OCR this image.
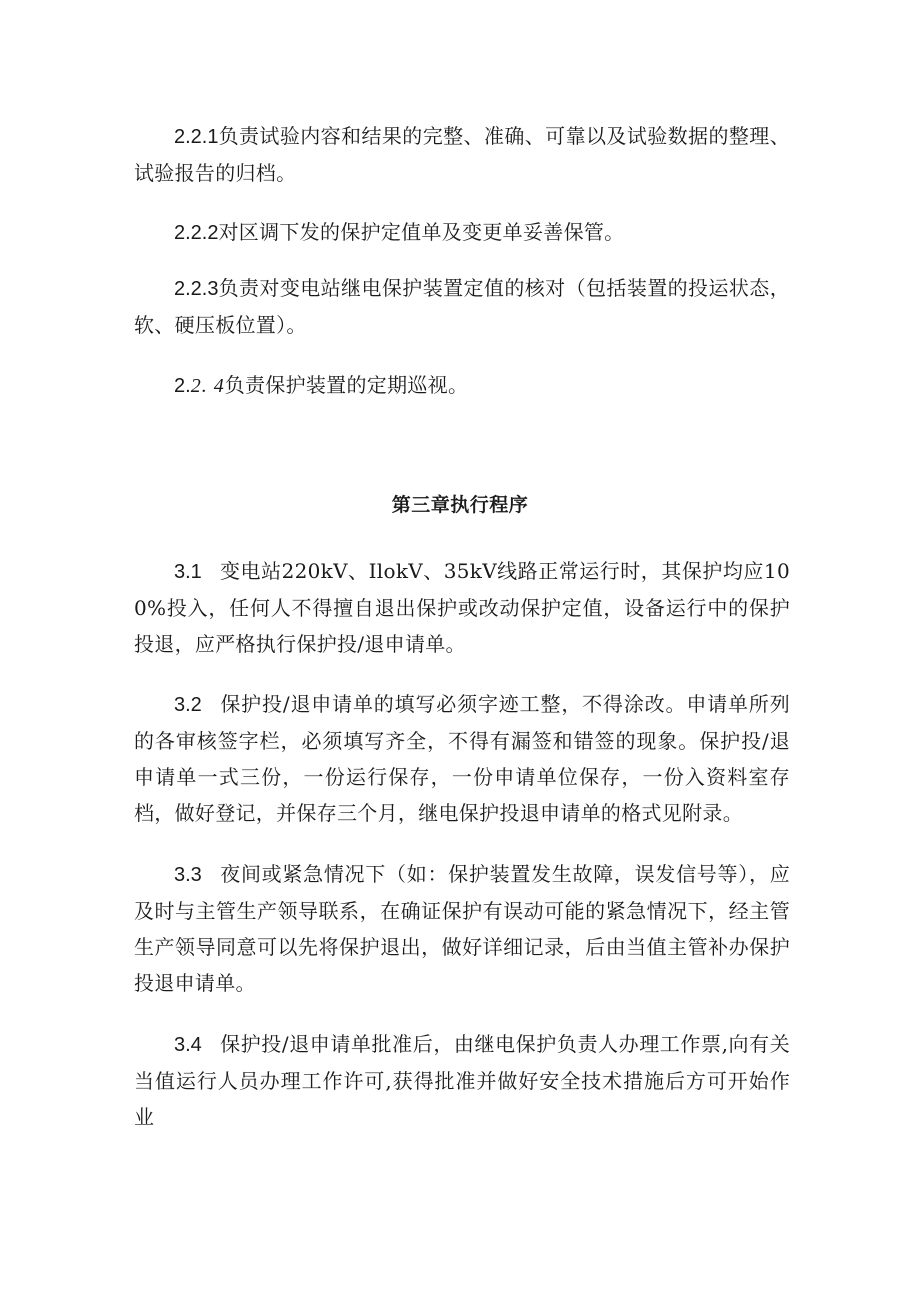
2.2.1负责试验内容和结果的完整、准确、可靠以及试验数据的整理、试验报告的归档。

2.2.2对区调下发的保护定值单及变更单妥善保管。

2.2.3负责对变电站继电保护装置定值的核对（包括装置的投运状态，软、硬压板位置）。

2.2. 4负责保护装置的定期巡视。

第三章执行程序

3.1 变电站220kV、IlokV、35kV线路正常运行时，其保护均应100%投入，任何人不得擅自退出保护或改动保护定值，设备运行中的保护投退，应严格执行保护投/退申请单。

3.2 保护投/退申请单的填写必须字迹工整，不得涂改。申请单所列的各审核签字栏，必须填写齐全，不得有漏签和错签的现象。保护投/退申请单一式三份，一份运行保存，一份申请单位保存，一份入资料室存档，做好登记，并保存三个月，继电保护投退申请单的格式见附录。

3.3 夜间或紧急情况下（如：保护装置发生故障，误发信号等），应及时与主管生产领导联系，在确证保护有误动可能的紧急情况下，经主管生产领导同意可以先将保护退出，做好详细记录，后由当值主管补办保护投退申请单。

3.4 保护投/退申请单批准后，由继电保护负责人办理工作票,向有关当值运行人员办理工作许可,获得批准并做好安全技术措施后方可开始作业
